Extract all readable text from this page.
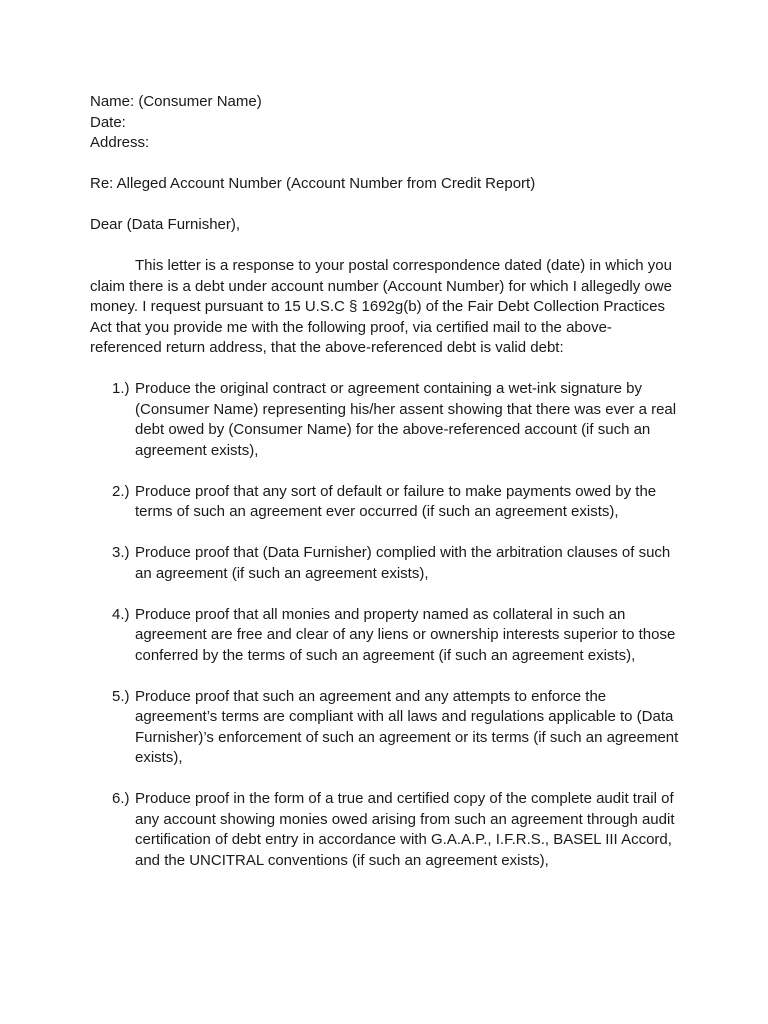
Name: (Consumer Name)
Date:
Address:
Re: Alleged Account Number (Account Number from Credit Report)
Dear (Data Furnisher),

This letter is a response to your postal correspondence dated (date) in which you claim there is a debt under account number (Account Number) for which I allegedly owe money. I request pursuant to 15 U.S.C § 1692g(b) of the Fair Debt Collection Practices Act that you provide me with the following proof, via certified mail to the above-referenced return address, that the above-referenced debt is valid debt:

1.) Produce the original contract or agreement containing a wet-ink signature by (Consumer Name) representing his/her assent showing that there was ever a real debt owed by (Consumer Name) for the above-referenced account (if such an agreement exists),
2.) Produce proof that any sort of default or failure to make payments owed by the terms of such an agreement ever occurred (if such an agreement exists),
3.) Produce proof that (Data Furnisher) complied with the arbitration clauses of such an agreement (if such an agreement exists),
4.) Produce proof that all monies and property named as collateral in such an agreement are free and clear of any liens or ownership interests superior to those conferred by the terms of such an agreement (if such an agreement exists),
5.) Produce proof that such an agreement and any attempts to enforce the agreement’s terms are compliant with all laws and regulations applicable to (Data Furnisher)’s enforcement of such an agreement or its terms (if such an agreement exists),
6.) Produce proof in the form of a true and certified copy of the complete audit trail of any account showing monies owed arising from such an agreement through audit certification of debt entry in accordance with G.A.A.P., I.F.R.S., BASEL III Accord, and the UNCITRAL conventions (if such an agreement exists),
